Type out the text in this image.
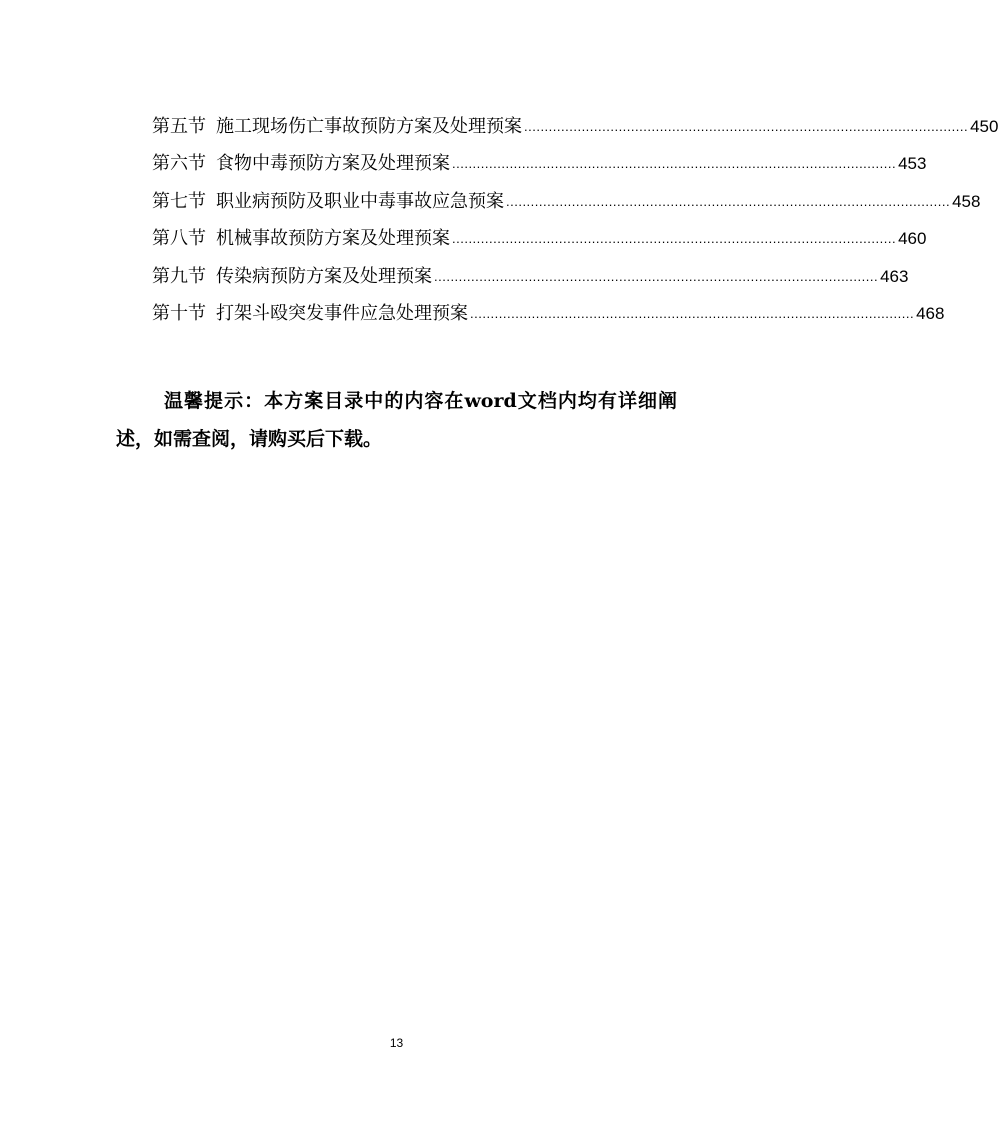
第五节 施工现场伤亡事故预防方案及处理预案 ............................................................................................................ 450
第六节 食物中毒预防方案及处理预案 ............................................................................................................ 453
第七节 职业病预防及职业中毒事故应急预案 ............................................................................................................ 458
第八节 机械事故预防方案及处理预案 ............................................................................................................ 460
第九节 传染病预防方案及处理预案 ............................................................................................................ 463
第十节 打架斗殴突发事件应急处理预案 ............................................................................................................ 468

温馨提示：本方案目录中的内容在word文档内均有详细阐述，如需查阅，请购买后下载。

13
